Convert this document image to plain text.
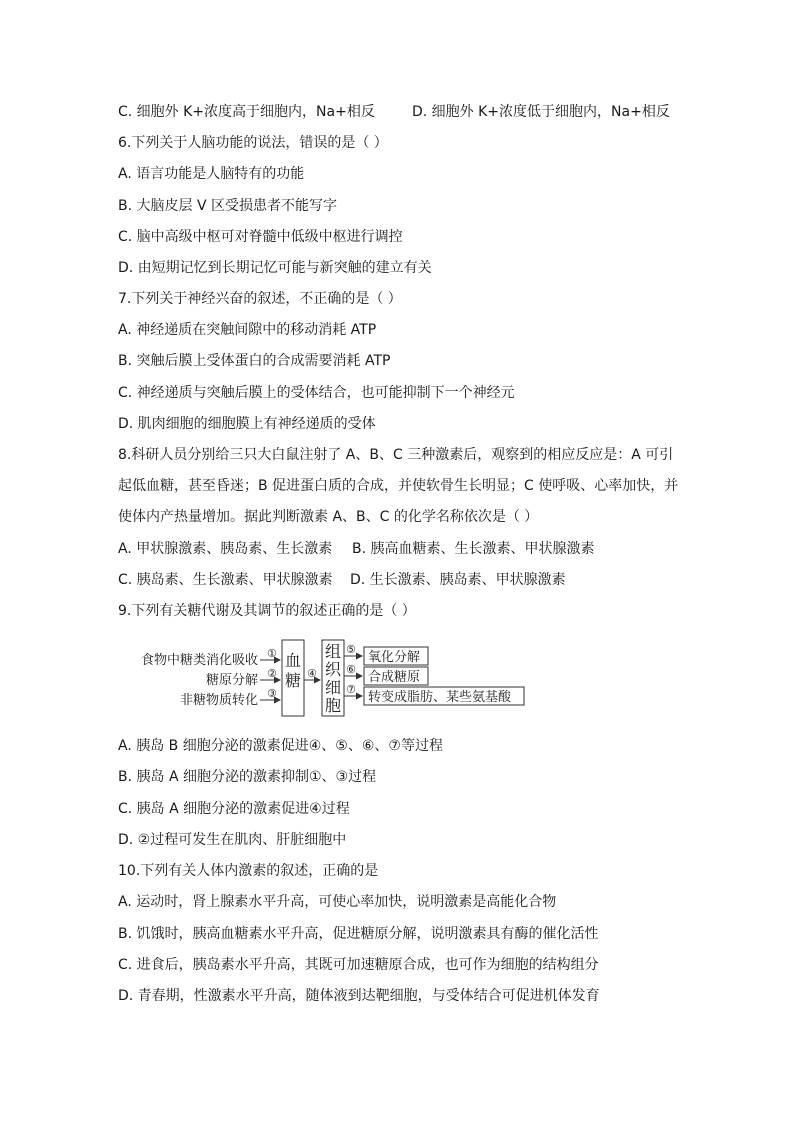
C. 细胞外 K+浓度高于细胞内，Na+相反	D. 细胞外 K+浓度低于细胞内，Na+相反
6.下列关于人脑功能的说法，错误的是（ ）
A. 语言功能是人脑特有的功能
B. 大脑皮层 V 区受损患者不能写字
C. 脑中高级中枢可对脊髓中低级中枢进行调控
D. 由短期记忆到长期记忆可能与新突触的建立有关
7.下列关于神经兴奋的叙述，不正确的是（ ）
A. 神经递质在突触间隙中的移动消耗 ATP
B. 突触后膜上受体蛋白的合成需要消耗 ATP
C. 神经递质与突触后膜上的受体结合，也可能抑制下一个神经元
D. 肌肉细胞的细胞膜上有神经递质的受体
8.科研人员分别给三只大白鼠注射了 A、B、C 三种激素后，观察到的相应反应是：A 可引
起低血糖，甚至昏迷；B 促进蛋白质的合成，并使软骨生长明显；C 使呼吸、心率加快，并
使体内产热量增加。据此判断激素 A、B、C 的化学名称依次是（ ）
A. 甲状腺激素、胰岛素、生长激素 B. 胰高血糖素、生长激素、甲状腺激素
C. 胰岛素、生长激素、甲状腺激素 D. 生长激素、胰岛素、甲状腺激素
9.下列有关糖代谢及其调节的叙述正确的是（ ）
食物中糖类消化吸收
糖原分解
非糖物质转化
①
②
③
血
糖 ④
组
织
细
胞
⑤
⑥
⑦
氧化分解
合成糖原
转变成脂肪、某些氨基酸
A. 胰岛 B 细胞分泌的激素促进④、⑤、⑥、⑦等过程
B. 胰岛 A 细胞分泌的激素抑制①、③过程
C. 胰岛 A 细胞分泌的激素促进④过程
D. ②过程可发生在肌肉、肝脏细胞中
10.下列有关人体内激素的叙述，正确的是
A. 运动时，肾上腺素水平升高，可使心率加快，说明激素是高能化合物
B. 饥饿时，胰高血糖素水平升高，促进糖原分解，说明激素具有酶的催化活性
C. 进食后，胰岛素水平升高，其既可加速糖原合成，也可作为细胞的结构组分
D. 青春期，性激素水平升高，随体液到达靶细胞，与受体结合可促进机体发育
